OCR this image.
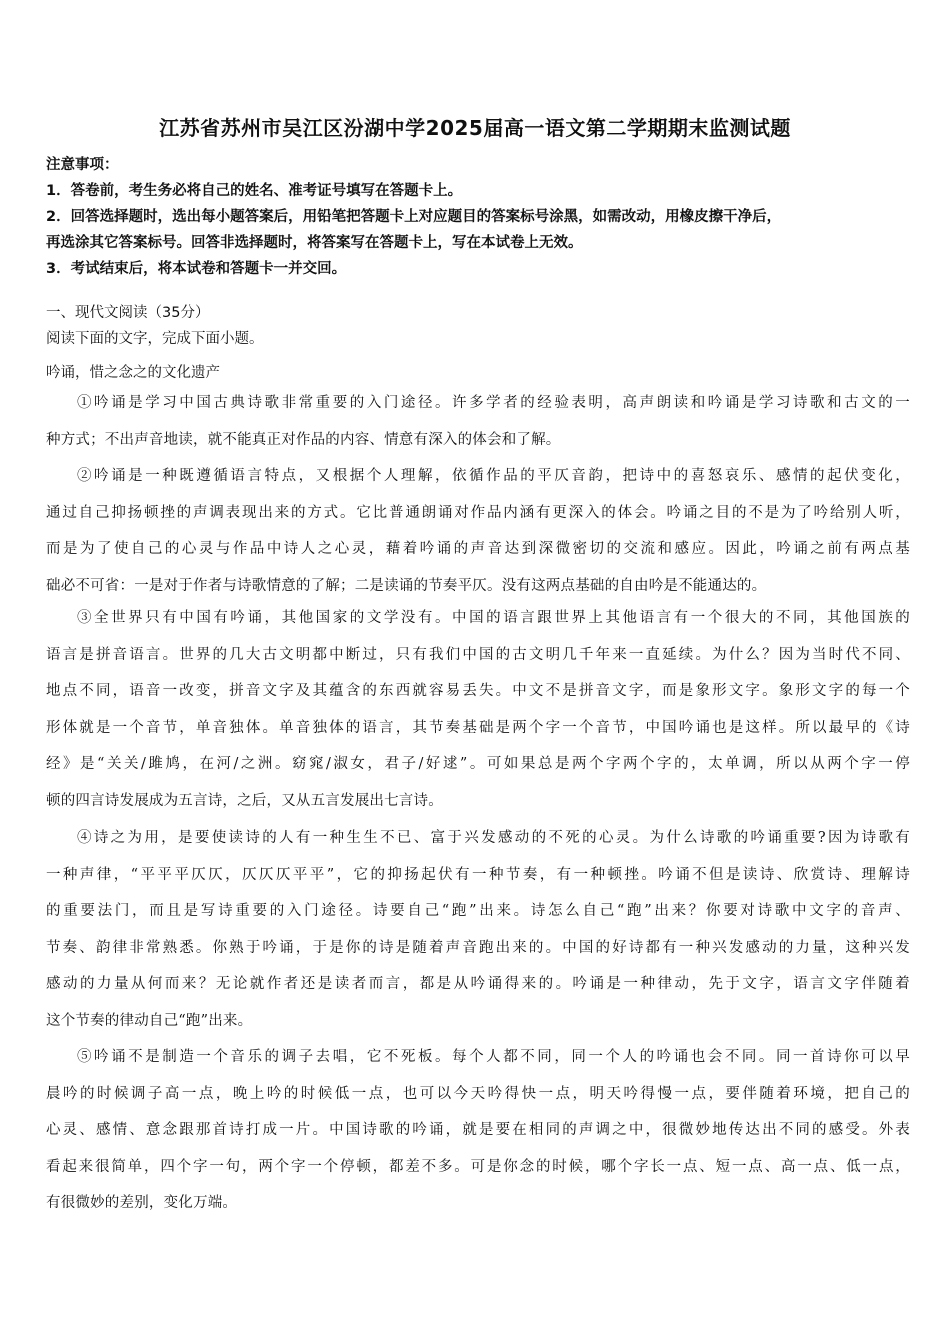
江苏省苏州市吴江区汾湖中学2025届高一语文第二学期期末监测试题
注意事项：
1．答卷前，考生务必将自己的姓名、准考证号填写在答题卡上。
2．回答选择题时，选出每小题答案后，用铅笔把答题卡上对应题目的答案标号涂黑，如需改动，用橡皮擦干净后，
再选涂其它答案标号。回答非选择题时，将答案写在答题卡上，写在本试卷上无效。
3．考试结束后，将本试卷和答题卡一并交回。
一、现代文阅读（35分）
阅读下面的文字，完成下面小题。
吟诵，惜之念之的文化遗产
①吟诵是学习中国古典诗歌非常重要的入门途径。许多学者的经验表明，高声朗读和吟诵是学习诗歌和古文的一
种方式；不出声音地读，就不能真正对作品的内容、情意有深入的体会和了解。
②吟诵是一种既遵循语言特点，又根据个人理解，依循作品的平仄音韵，把诗中的喜怒哀乐、感情的起伏变化，
通过自己抑扬顿挫的声调表现出来的方式。它比普通朗诵对作品内涵有更深入的体会。吟诵之目的不是为了吟给别人听，
而是为了使自己的心灵与作品中诗人之心灵，藉着吟诵的声音达到深微密切的交流和感应。因此，吟诵之前有两点基
础必不可省：一是对于作者与诗歌情意的了解；二是读诵的节奏平仄。没有这两点基础的自由吟是不能通达的。
③全世界只有中国有吟诵，其他国家的文学没有。中国的语言跟世界上其他语言有一个很大的不同，其他国族的
语言是拼音语言。世界的几大古文明都中断过，只有我们中国的古文明几千年来一直延续。为什么？因为当时代不同、
地点不同，语音一改变，拼音文字及其蕴含的东西就容易丢失。中文不是拼音文字，而是象形文字。象形文字的每一个
形体就是一个音节，单音独体。单音独体的语言，其节奏基础是两个字一个音节，中国吟诵也是这样。所以最早的《诗
经》是“关关/雎鸠，在河/之洲。窈窕/淑女，君子/好逑”。可如果总是两个字两个字的，太单调，所以从两个字一停
顿的四言诗发展成为五言诗，之后，又从五言发展出七言诗。
④诗之为用，是要使读诗的人有一种生生不已、富于兴发感动的不死的心灵。为什么诗歌的吟诵重要?因为诗歌有
一种声律，“平平平仄仄，仄仄仄平平”，它的抑扬起伏有一种节奏，有一种顿挫。吟诵不但是读诗、欣赏诗、理解诗
的重要法门，而且是写诗重要的入门途径。诗要自己“跑”出来。诗怎么自己“跑”出来？你要对诗歌中文字的音声、
节奏、韵律非常熟悉。你熟于吟诵，于是你的诗是随着声音跑出来的。中国的好诗都有一种兴发感动的力量，这种兴发
感动的力量从何而来？无论就作者还是读者而言，都是从吟诵得来的。吟诵是一种律动，先于文字，语言文字伴随着
这个节奏的律动自己“跑”出来。
⑤吟诵不是制造一个音乐的调子去唱，它不死板。每个人都不同，同一个人的吟诵也会不同。同一首诗你可以早
晨吟的时候调子高一点，晚上吟的时候低一点，也可以今天吟得快一点，明天吟得慢一点，要伴随着环境，把自己的
心灵、感情、意念跟那首诗打成一片。中国诗歌的吟诵，就是要在相同的声调之中，很微妙地传达出不同的感受。外表
看起来很简单，四个字一句，两个字一个停顿，都差不多。可是你念的时候，哪个字长一点、短一点、高一点、低一点，
有很微妙的差别，变化万端。
